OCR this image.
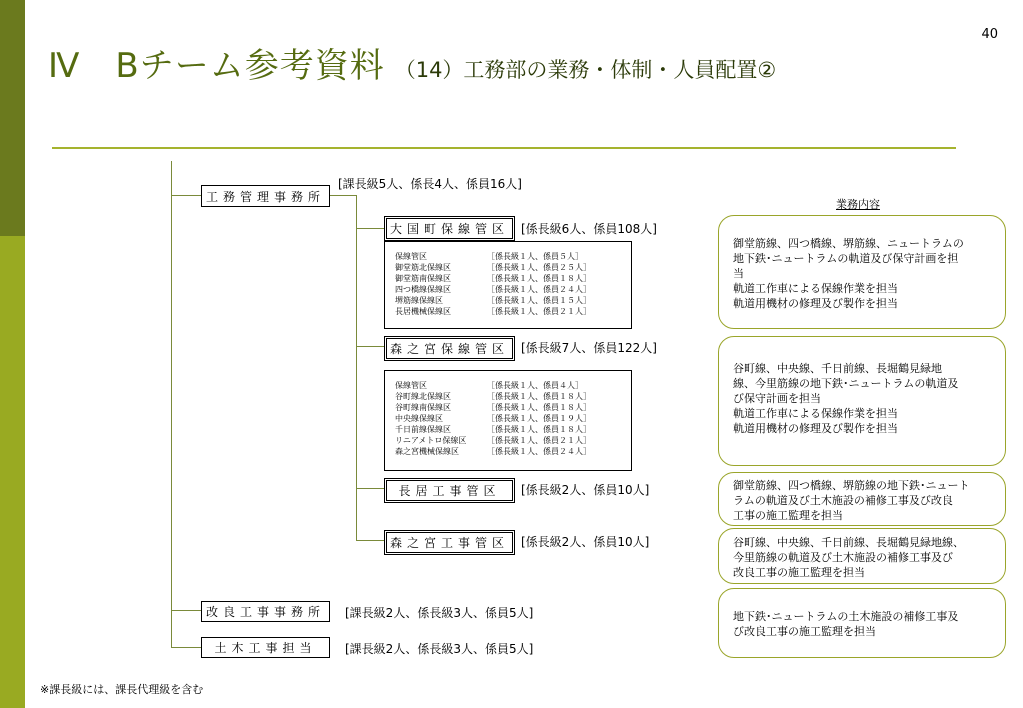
40
Ⅳ　Bチーム参考資料 （14）工務部の業務・体制・人員配置②
工務管理事務所
[課長級5人、係長4人、係員16人]
大国町保線管区	[係長級6人、係員108人]
保線管区	［係長級１人、係員５人］
御堂筋北保線区	［係長級１人、係員２５人］
御堂筋南保線区	［係長級１人、係員１８人］
四つ橋線保線区	［係長級１人、係員２４人］
堺筋線保線区	［係長級１人、係員１５人］
長居機械保線区	［係長級１人、係員２１人］
森之宮保線管区	[係長級7人、係員122人]
保線管区	［係長級１人、係員４人］
谷町線北保線区	［係長級１人、係員１８人］
谷町線南保線区	［係長級１人、係員１８人］
中央線保線区	［係長級１人、係員１９人］
千日前線保線区	［係長級１人、係員１８人］
リニアメトロ保線区	［係長級１人、係員２１人］
森之宮機械保線区	［係長級１人、係員２４人］
長居工事管区	[係長級2人、係員10人]
森之宮工事管区	[係長級2人、係員10人]
改良工事事務所	[課長級2人、係長級3人、係員5人]
土木工事担当	[課長級2人、係長級3人、係員5人]
業務内容
御堂筋線、四つ橋線、堺筋線、ニュートラムの
地下鉄･ニュートラムの軌道及び保守計画を担
当
軌道工作車による保線作業を担当
軌道用機材の修理及び製作を担当
谷町線、中央線、千日前線、長堀鶴見緑地
線、今里筋線の地下鉄･ニュートラムの軌道及
び保守計画を担当
軌道工作車による保線作業を担当
軌道用機材の修理及び製作を担当
御堂筋線、四つ橋線、堺筋線の地下鉄･ニュート
ラムの軌道及び土木施設の補修工事及び改良
工事の施工監理を担当
谷町線、中央線、千日前線、長堀鶴見緑地線、
今里筋線の軌道及び土木施設の補修工事及び
改良工事の施工監理を担当
地下鉄･ニュートラムの土木施設の補修工事及
び改良工事の施工監理を担当
※課長級には、課長代理級を含む
